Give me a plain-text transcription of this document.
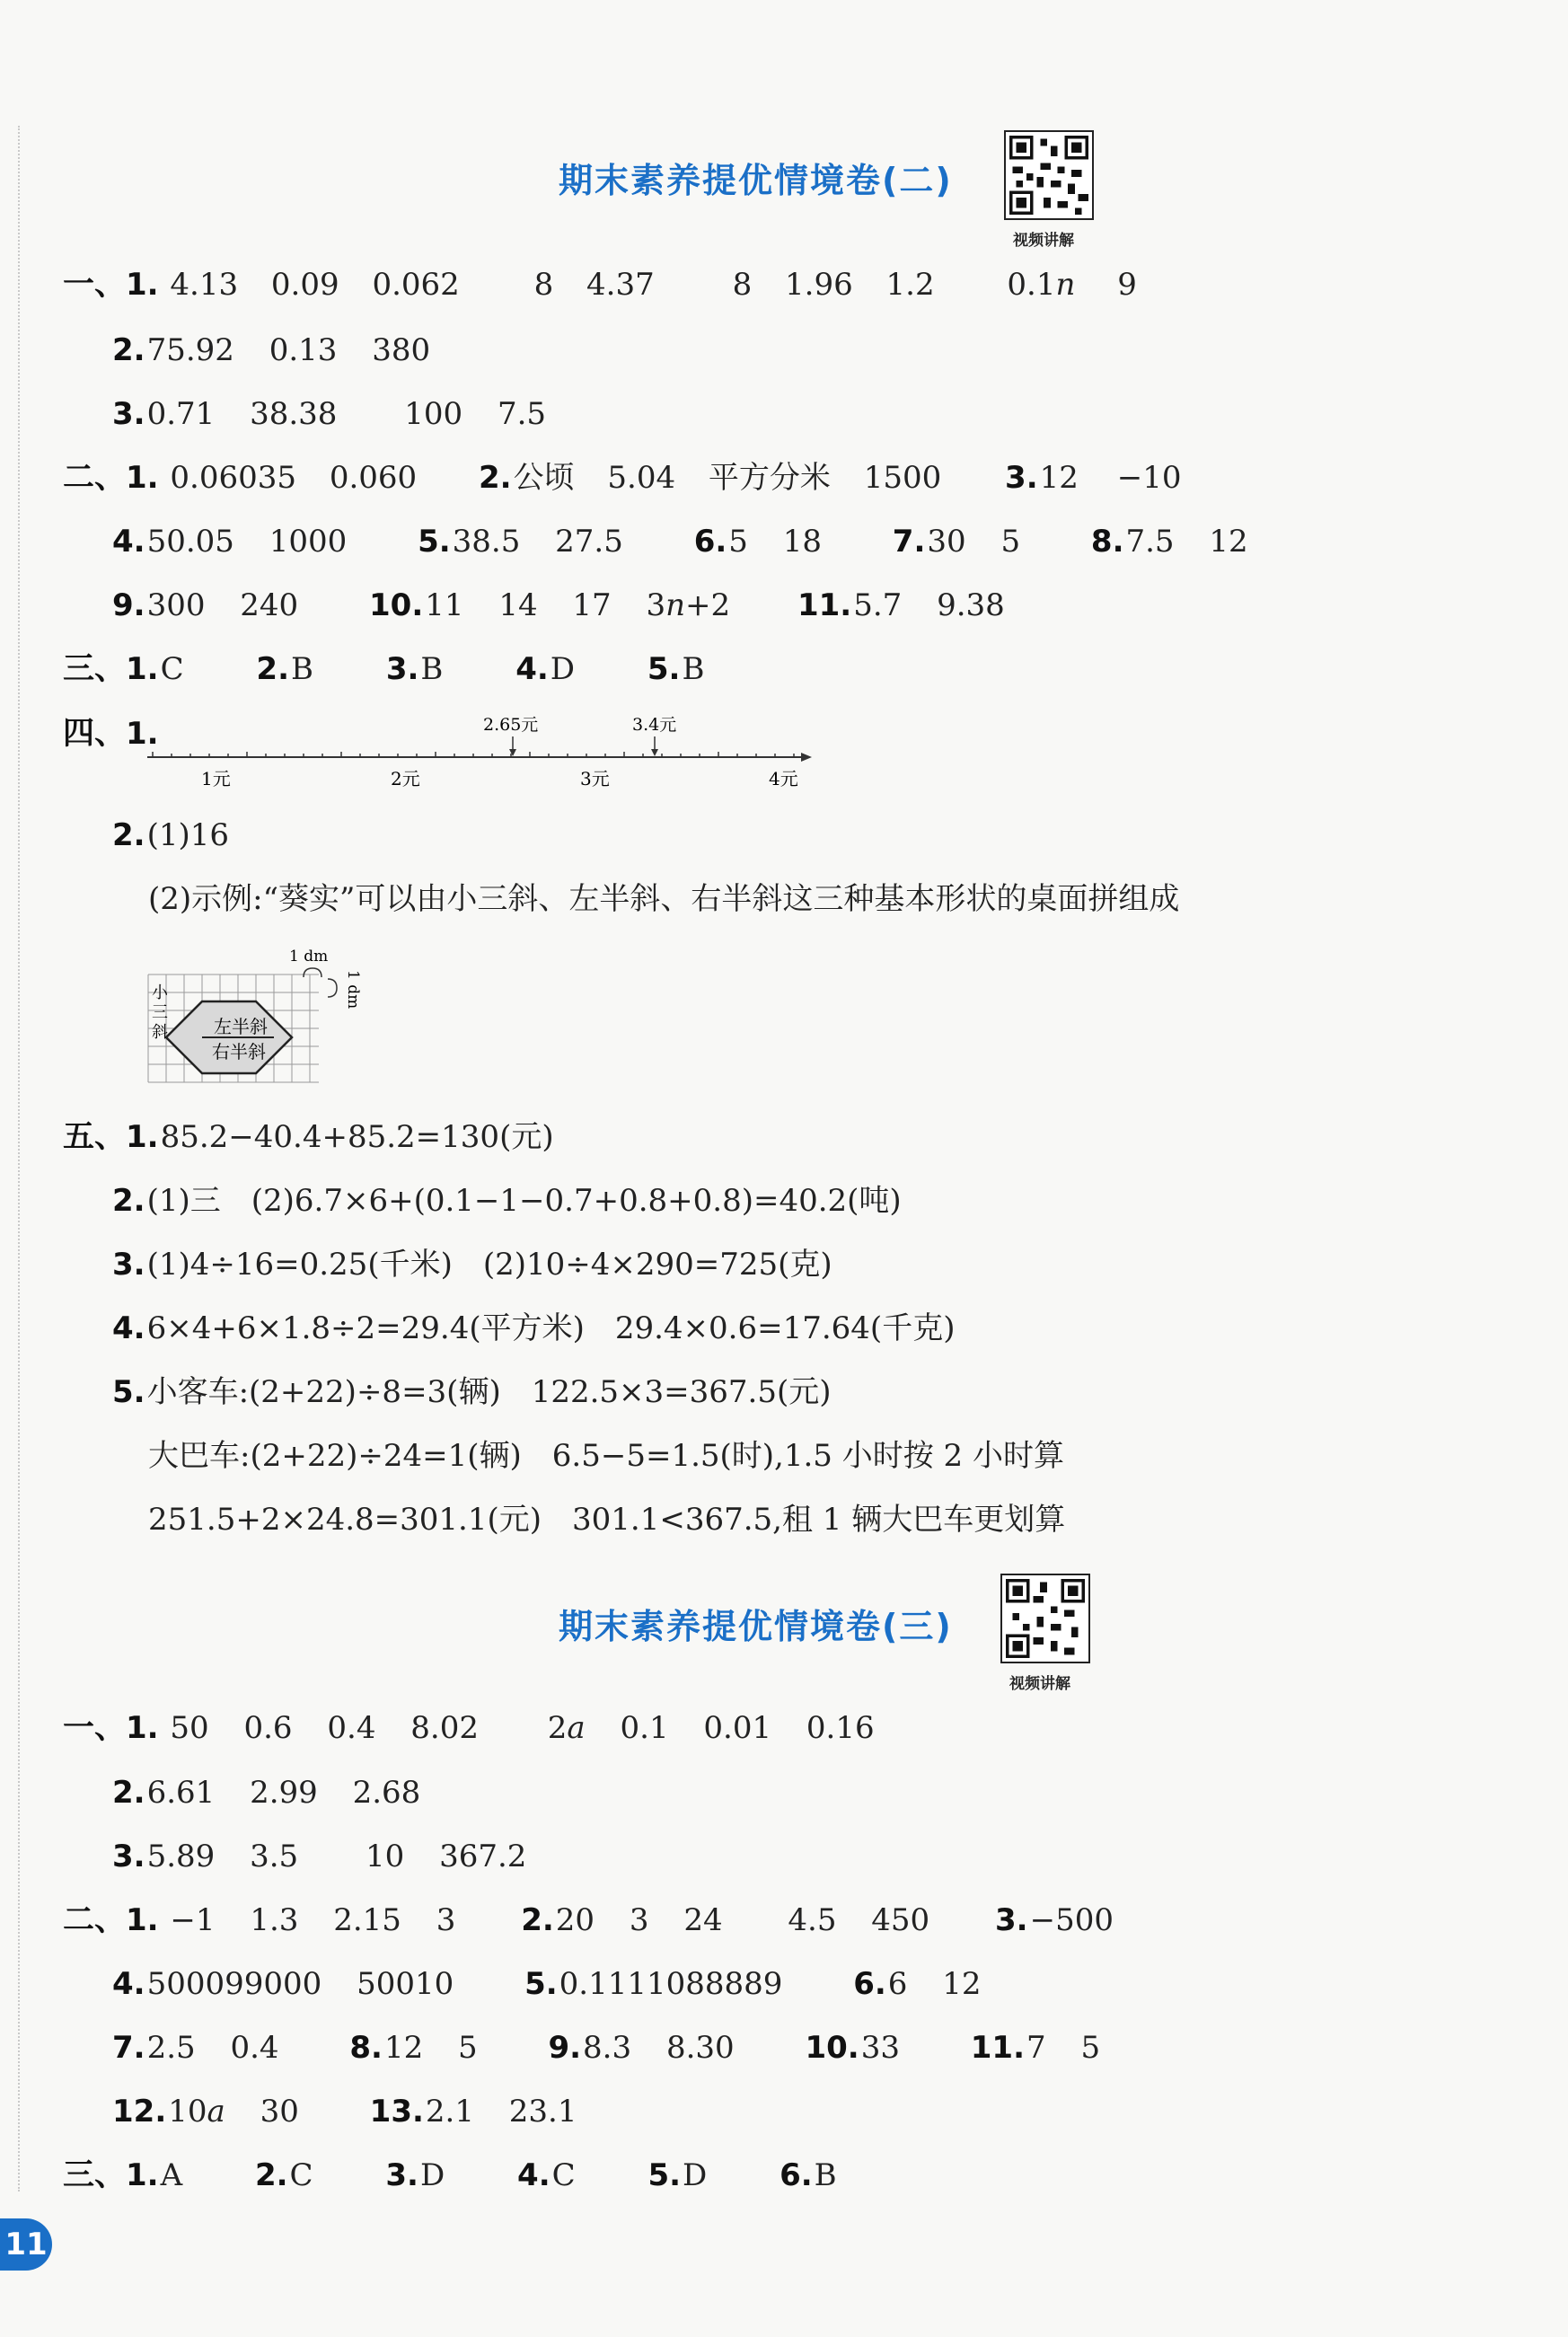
期末素养提优情境卷(二)
视频讲解
一、1. 4.13 0.09 0.062 8 4.37	8 1.96 1.2 0.1n 9
2.75.92 0.13 380
3.0.71 38.38 100 7.5
二、1. 0.06035 0.060 2.公顷 5.04 平方分米 1500 3.12 −10
4.50.05 1000 5.38.5 27.5 6.5 18 7.30 5 8.7.5 12
9.300 240 10.11 14 17 3n+2 11.5.7 9.38
三、1.C 2.B 3.B 4.D 5.B
四、1.
1元	2元	3元	4元
2.65元	3.4元
2.(1)16
(2)示例:“葵实”可以由小三斜、左半斜、右半斜这三种基本形状的桌面拼组成
小
三
斜	左半斜
右半斜
1 dm
1 dm
五、1.85.2−40.4+85.2=130(元)
2.(1)三　(2)6.7×6+(0.1−1−0.7+0.8+0.8)=40.2(吨)
3.(1)4÷16=0.25(千米)　(2)10÷4×290=725(克)
4.6×4+6×1.8÷2=29.4(平方米)　29.4×0.6=17.64(千克)
5.小客车:(2+22)÷8=3(辆)　122.5×3=367.5(元)
大巴车:(2+22)÷24=1(辆)　6.5−5=1.5(时),1.5 小时按 2 小时算
251.5+2×24.8=301.1(元)　301.1<367.5,租 1 辆大巴车更划算
期末素养提优情境卷(三)
视频讲解
一、1. 50 0.6 0.4 8.02 2a 0.1 0.01 0.16
2.6.61 2.99 2.68
3.5.89 3.5 10 367.2
二、1. −1 1.3 2.15 3 2.20 3 24 4.5 450 3.−500
4.500099000 50010 5.0.1111088889 6.6 12
7.2.5 0.4 8.12 5 9.8.3 8.30 10.33 11.7 5
12.10a 30 13.2.1 23.1
三、1.A 2.C 3.D 4.C 5.D 6.B
11
